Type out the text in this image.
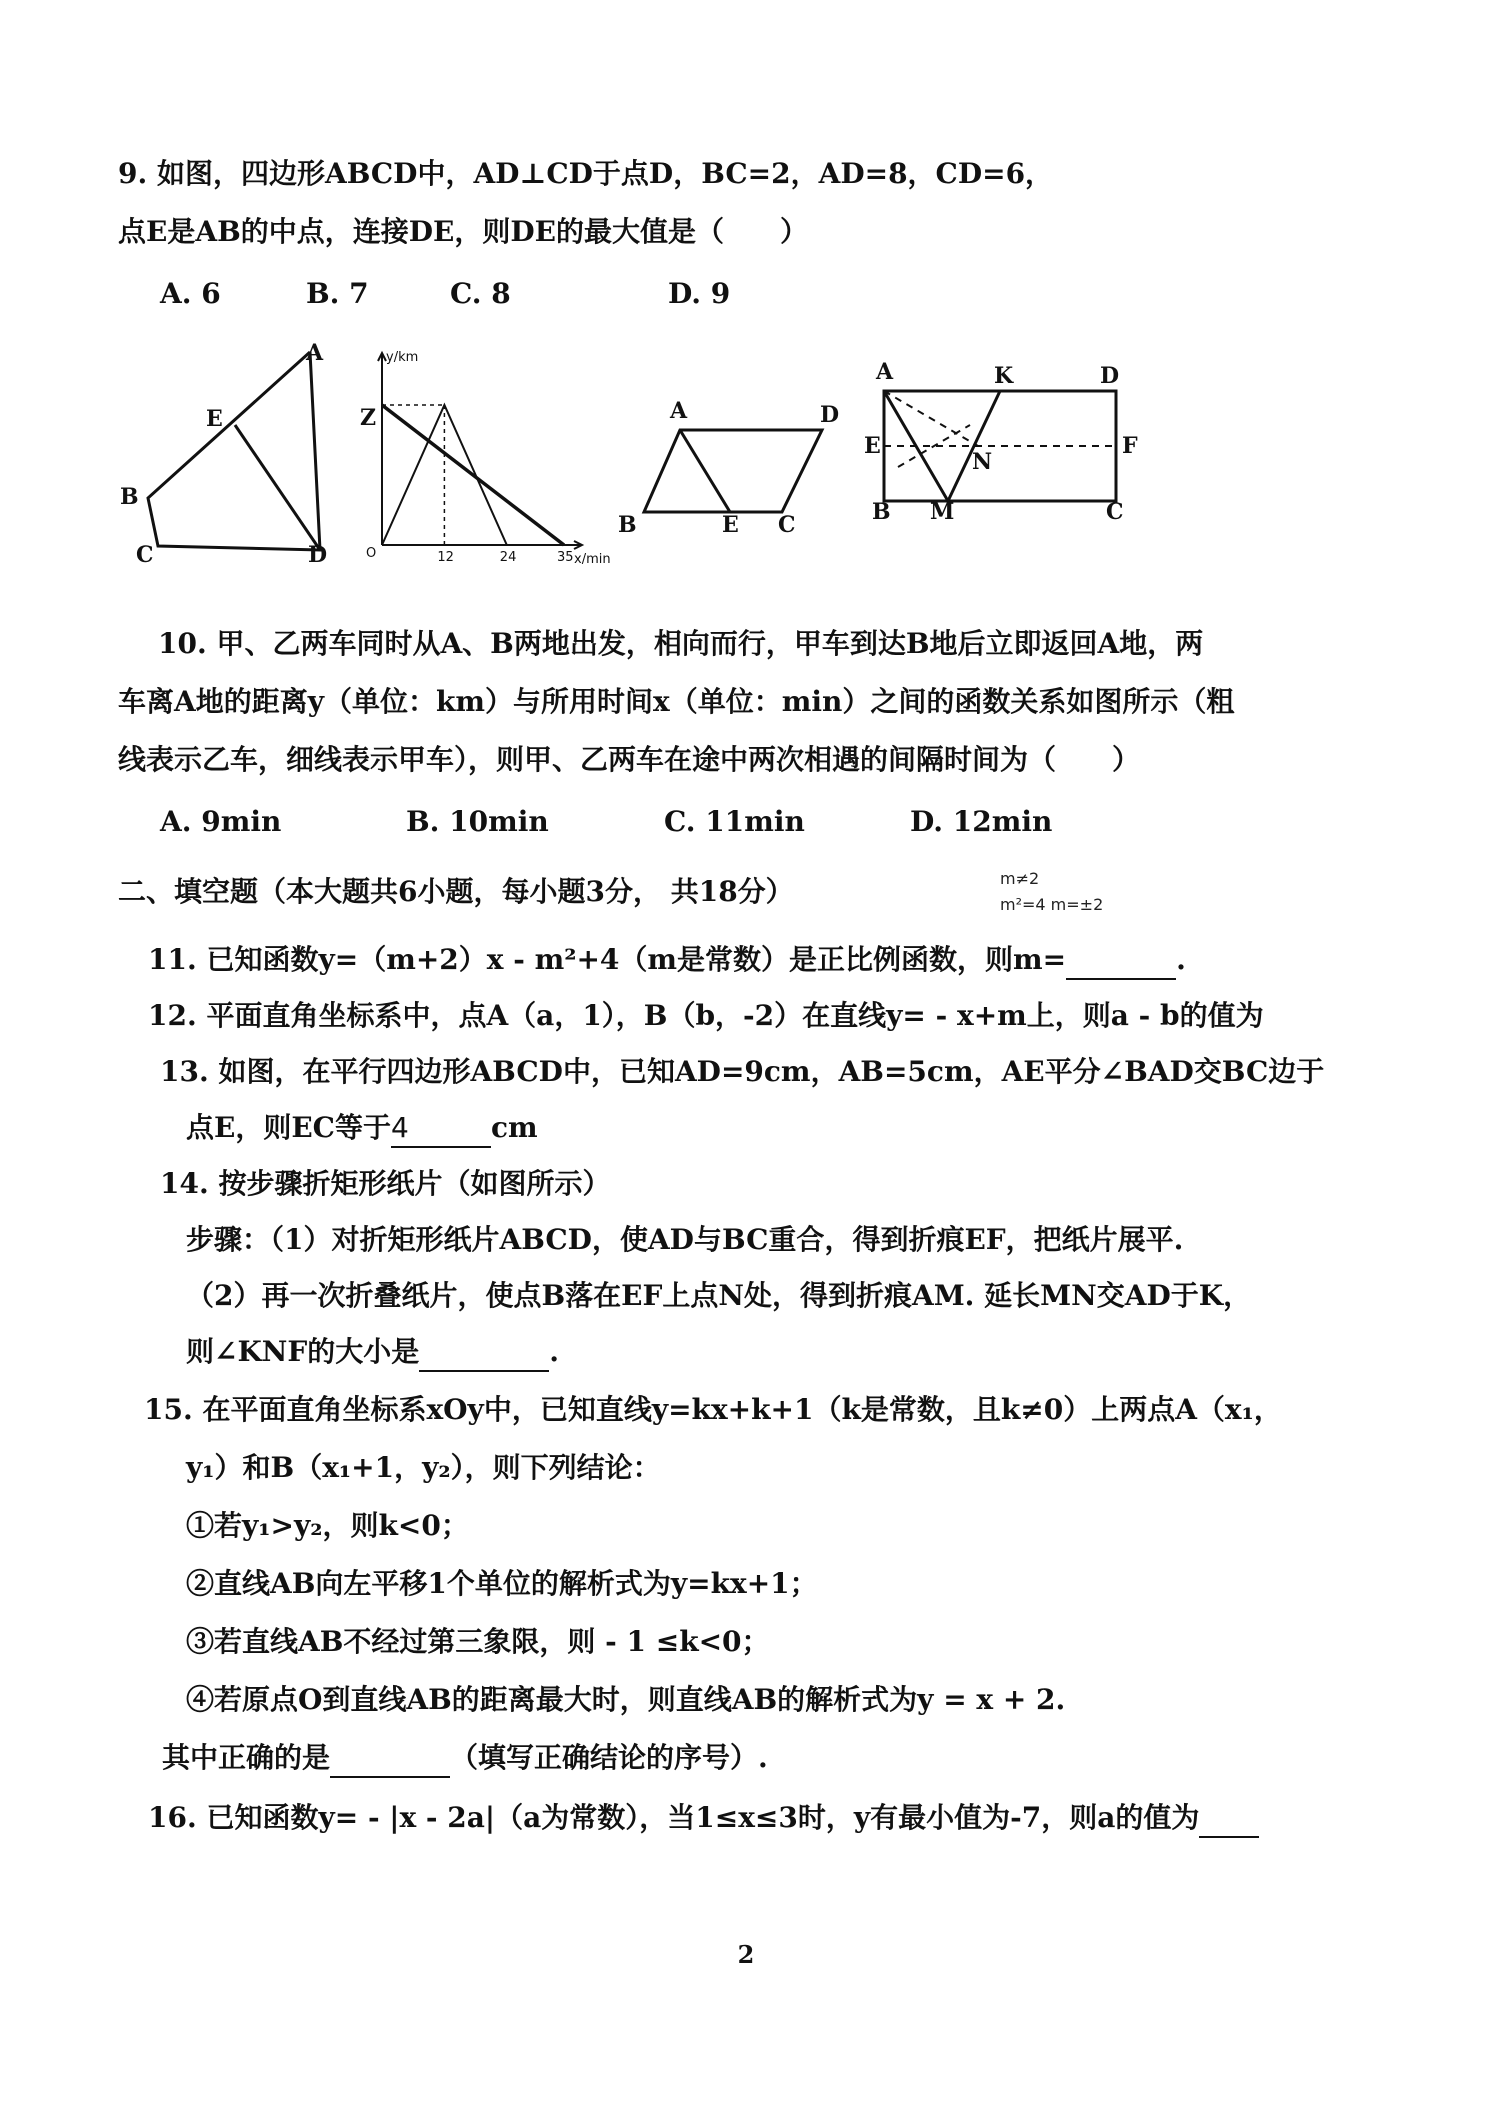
9. 如图，四边形ABCD中，AD⊥CD于点D，BC=2，AD=8，CD=6，
点E是AB的中点，连接DE，则DE的最大值是（　　）
A. 6	B. 7	C. 8	D. 9
A
E
B
C	D	12	24	35
y/km
x/min
Z
O
A	D
B	E C
A	K	D
E	F
N
B M	C
10. 甲、乙两车同时从A、B两地出发，相向而行，甲车到达B地后立即返回A地，两
车离A地的距离y（单位：km）与所用时间x（单位：min）之间的函数关系如图所示（粗
线表示乙车，细线表示甲车），则甲、乙两车在途中两次相遇的间隔时间为（　　）
A. 9min	B. 10min	C. 11min	D. 12min
二、填空题（本大题共6小题，每小题3分， 共18分）	m≠2
m²=4 m=±2
11. 已知函数y=（m+2）x - m²+4（m是常数）是正比例函数，则m=	.
12. 平面直角坐标系中，点A（a，1），B（b，-2）在直线y= - x+m上，则a - b的值为
13. 如图，在平行四边形ABCD中，已知AD=9cm，AB=5cm，AE平分∠BAD交BC边于
点E，则EC等于4	cm
14. 按步骤折矩形纸片（如图所示）
步骤：（1）对折矩形纸片ABCD，使AD与BC重合，得到折痕EF，把纸片展平.
（2）再一次折叠纸片，使点B落在EF上点N处，得到折痕AM. 延长MN交AD于K，
则∠KNF的大小是	.
15. 在平面直角坐标系xOy中，已知直线y=kx+k+1（k是常数，且k≠0）上两点A（x₁，
y₁）和B（x₁+1，y₂），则下列结论：
①若y₁>y₂，则k<0；
②直线AB向左平移1个单位的解析式为y=kx+1；
③若直线AB不经过第三象限，则 - 1 ≤k<0；
④若原点O到直线AB的距离最大时，则直线AB的解析式为y = x + 2.
其中正确的是	（填写正确结论的序号）.
16. 已知函数y= - |x - 2a|（a为常数），当1≤x≤3时，y有最小值为-7，则a的值为
2
